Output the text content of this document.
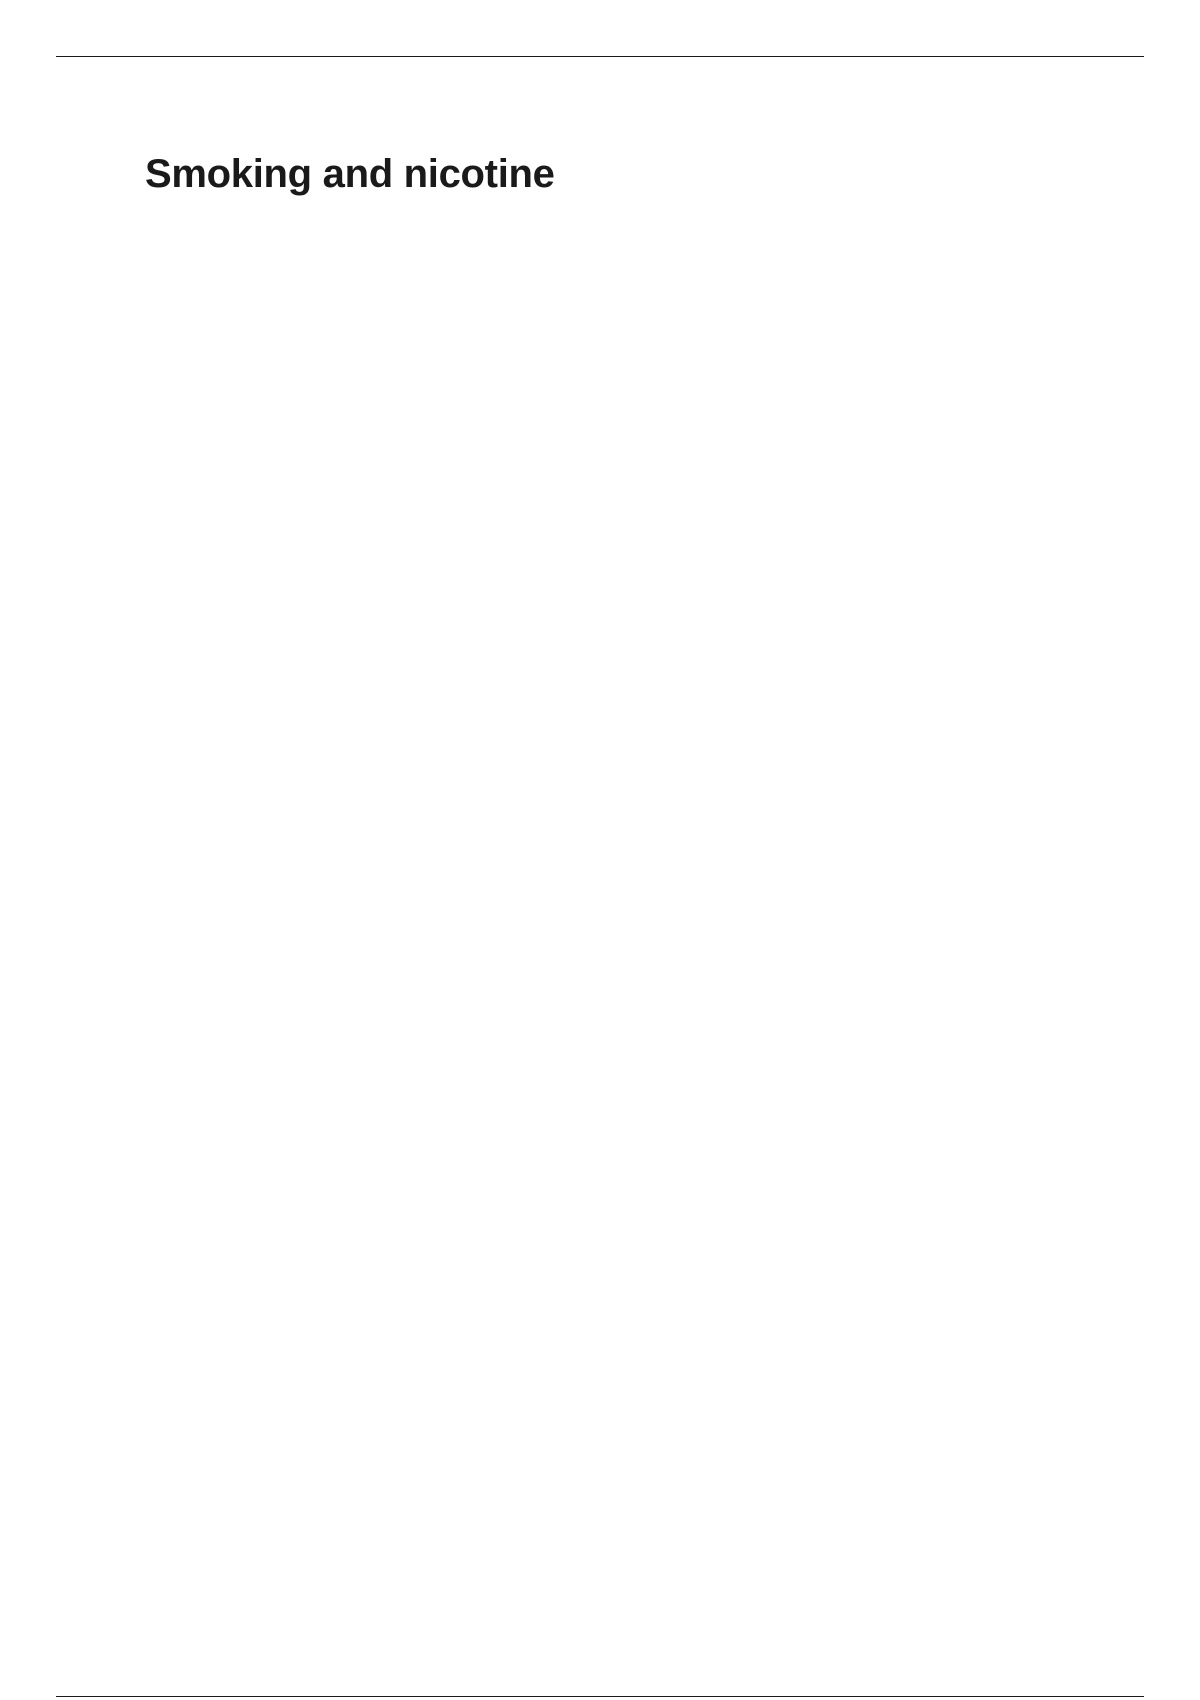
Smoking and nicotine
